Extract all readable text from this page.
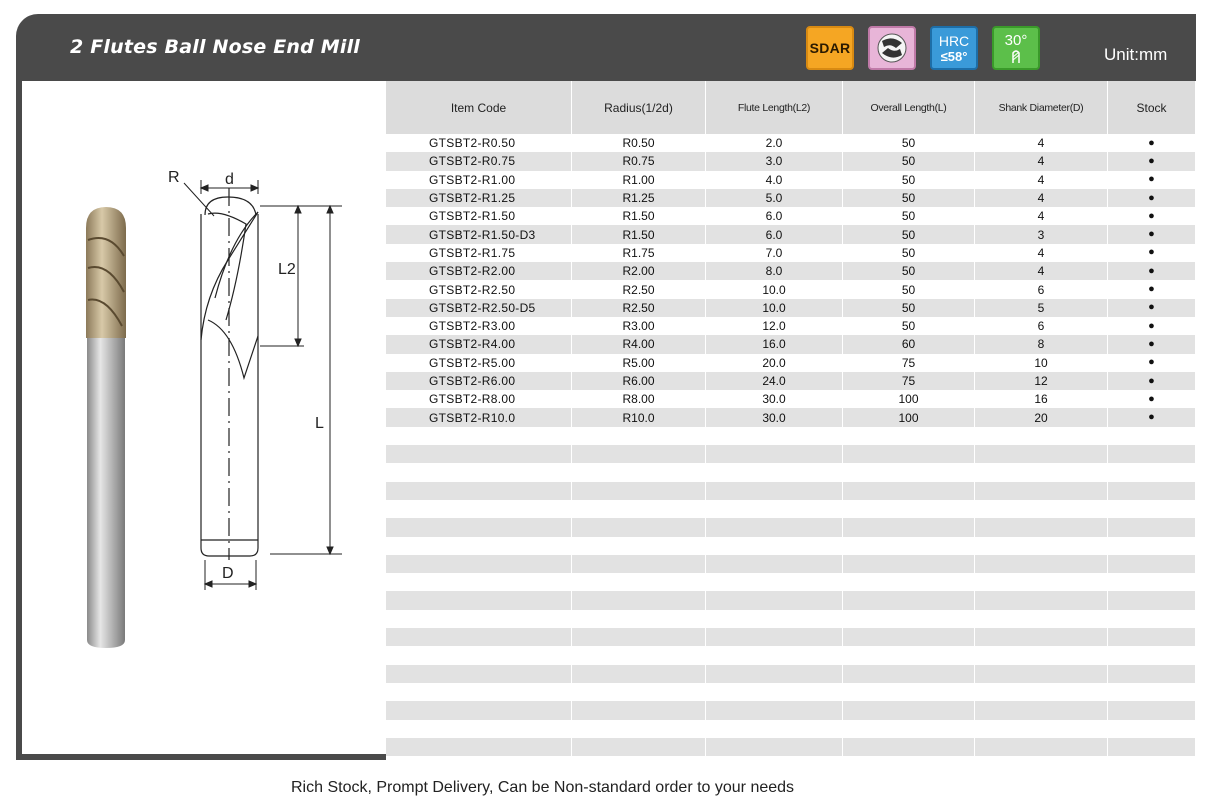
2 Flutes Ball Nose End Mill	SDAR	HRC
≤58°
30°
Unit:mm
R	d
L2
L
D
Item Code	Radius(1/2d)	Flute Length(L2)	Overall Length(L)	Shank Diameter(D)	Stock
GTSBT2-R0.50	R0.50	2.0	50	4	●
GTSBT2-R0.75	R0.75	3.0	50	4	●
GTSBT2-R1.00	R1.00	4.0	50	4	●
GTSBT2-R1.25	R1.25	5.0	50	4	●
GTSBT2-R1.50	R1.50	6.0	50	4	●
GTSBT2-R1.50-D3	R1.50	6.0	50	3	●
GTSBT2-R1.75	R1.75	7.0	50	4	●
GTSBT2-R2.00	R2.00	8.0	50	4	●
GTSBT2-R2.50	R2.50	10.0	50	6	●
GTSBT2-R2.50-D5	R2.50	10.0	50	5	●
GTSBT2-R3.00	R3.00	12.0	50	6	●
GTSBT2-R4.00	R4.00	16.0	60	8	●
GTSBT2-R5.00	R5.00	20.0	75	10	●
GTSBT2-R6.00	R6.00	24.0	75	12	●
GTSBT2-R8.00	R8.00	30.0	100	16	●
GTSBT2-R10.0	R10.0	30.0	100	20	●
Rich Stock, Prompt Delivery, Can be Non-standard order to your needs
